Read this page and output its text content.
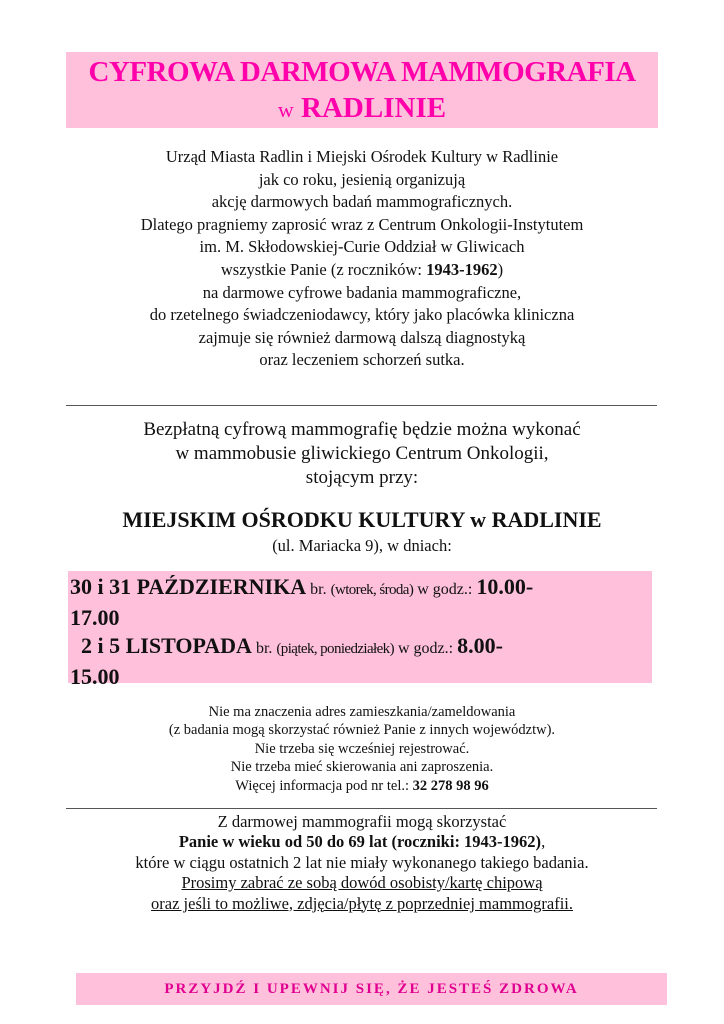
CYFROWA DARMOWA MAMMOGRAFIA
w RADLINIE
Urząd Miasta Radlin i Miejski Ośrodek Kultury w Radlinie
jak co roku, jesienią organizują
akcję darmowych badań mammograficznych.
Dlatego pragniemy zaprosić wraz z Centrum Onkologii-Instytutem
im. M. Skłodowskiej-Curie Oddział w Gliwicach
wszystkie Panie (z roczników: 1943-1962)
na darmowe cyfrowe badania mammograficzne,
do rzetelnego świadczeniodawcy, który jako placówka kliniczna
zajmuje się również darmową dalszą diagnostyką
oraz leczeniem schorzeń sutka.
Bezpłatną cyfrową mammografię będzie można wykonać
w mammobusie gliwickiego Centrum Onkologii,
stojącym przy:
MIEJSKIM OŚRODKU KULTURY w RADLINIE
(ul. Mariacka 9), w dniach:

30 i 31 PAŹDZIERNIKA br. (wtorek, środa) w godz.: 10.00-

17.00

2 i 5 LISTOPADA br. (piątek, poniedziałek) w godz.: 8.00-

15.00

Nie ma znaczenia adres zamieszkania/zameldowania
(z badania mogą skorzystać również Panie z innych województw).
Nie trzeba się wcześniej rejestrować.
Nie trzeba mieć skierowania ani zaproszenia.
Więcej informacja pod nr tel.: 32 278 98 96
Z darmowej mammografii mogą skorzystać
Panie w wieku od 50 do 69 lat (roczniki: 1943-1962),
które w ciągu ostatnich 2 lat nie miały wykonanego takiego badania.
Prosimy zabrać ze sobą dowód osobisty/kartę chipową
oraz jeśli to możliwe, zdjęcia/płytę z poprzedniej mammografii.
PRZYJDŹ I UPEWNIJ SIĘ, ŻE JESTEŚ ZDROWA
